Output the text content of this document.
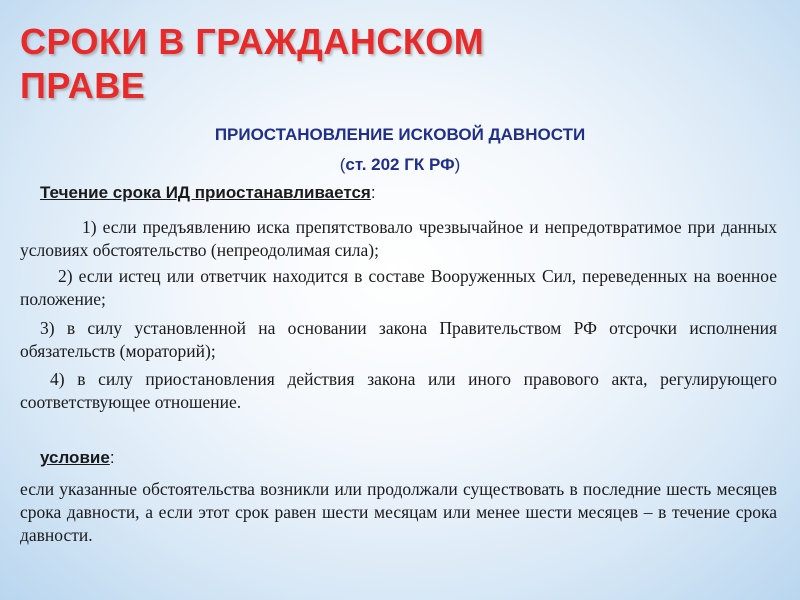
СРОКИ В ГРАЖДАНСКОМ
ПРАВЕ
ПРИОСТАНОВЛЕНИЕ ИСКОВОЙ ДАВНОСТИ
(ст. 202 ГК РФ)
Течение срока ИД приостанавливается:
1) если предъявлению иска препятствовало чрезвычайное и непредотвратимое при данных условиях обстоятельство (непреодолимая сила);
2) если истец или ответчик находится в составе Вооруженных Сил, переведенных на военное положение;
3) в силу установленной на основании закона Правительством РФ отсрочки исполнения обязательств (мораторий);
4) в силу приостановления действия закона или иного правового акта, регулирующего соответствующее отношение.
условие:
если указанные обстоятельства возникли или продолжали существовать в последние шесть месяцев срока давности, а если этот срок равен шести месяцам или менее шести месяцев – в течение срока давности.
